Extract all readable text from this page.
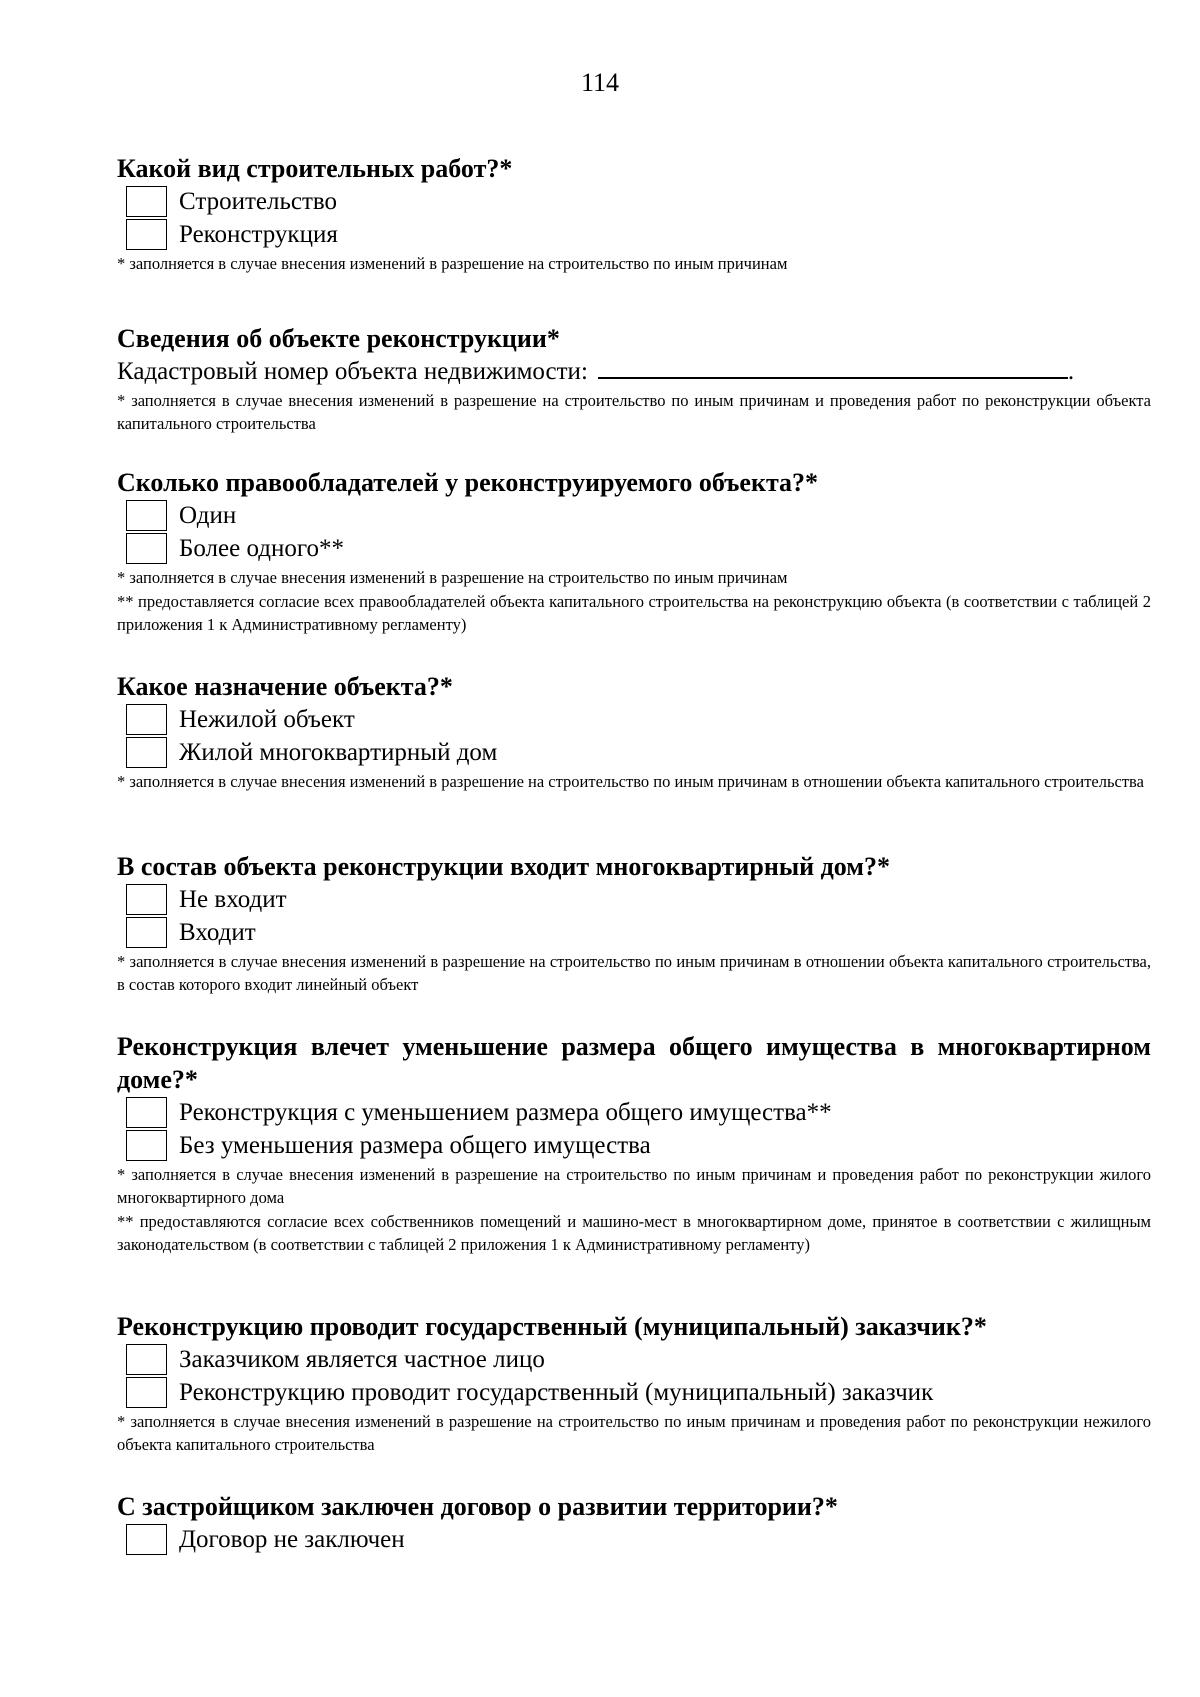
114
Какой вид строительных работ?*
Строительство
Реконструкция
* заполняется в случае внесения изменений в разрешение на строительство по иным причинам
Сведения об объекте реконструкции*
Кадастровый номер объекта недвижимости:	.
* заполняется в случае внесения изменений в разрешение на строительство по иным причинам и проведения работ по реконструкции объекта капитального строительства
Сколько правообладателей у реконструируемого объекта?*
Один
Более одного**
* заполняется в случае внесения изменений в разрешение на строительство по иным причинам
** предоставляется согласие всех правообладателей объекта капитального строительства на реконструкцию объекта (в соответствии с таблицей 2 приложения 1 к Административному регламенту)
Какое назначение объекта?*
Нежилой объект
Жилой многоквартирный дом
* заполняется в случае внесения изменений в разрешение на строительство по иным причинам в отношении объекта капитального строительства
В состав объекта реконструкции входит многоквартирный дом?*
Не входит
Входит
* заполняется в случае внесения изменений в разрешение на строительство по иным причинам в отношении объекта капитального строительства, в состав которого входит линейный объект
Реконструкция влечет уменьшение размера общего имущества в многоквартирном доме?*
Реконструкция с уменьшением размера общего имущества**
Без уменьшения размера общего имущества
* заполняется в случае внесения изменений в разрешение на строительство по иным причинам и проведения работ по реконструкции жилого многоквартирного дома
** предоставляются согласие всех собственников помещений и машино-мест в многоквартирном доме, принятое в соответствии с жилищным законодательством (в соответствии с таблицей 2 приложения 1 к Административному регламенту)
Реконструкцию проводит государственный (муниципальный) заказчик?*
Заказчиком является частное лицо
Реконструкцию проводит государственный (муниципальный) заказчик
* заполняется в случае внесения изменений в разрешение на строительство по иным причинам и проведения работ по реконструкции нежилого объекта капитального строительства
С застройщиком заключен договор о развитии территории?*
Договор не заключен
